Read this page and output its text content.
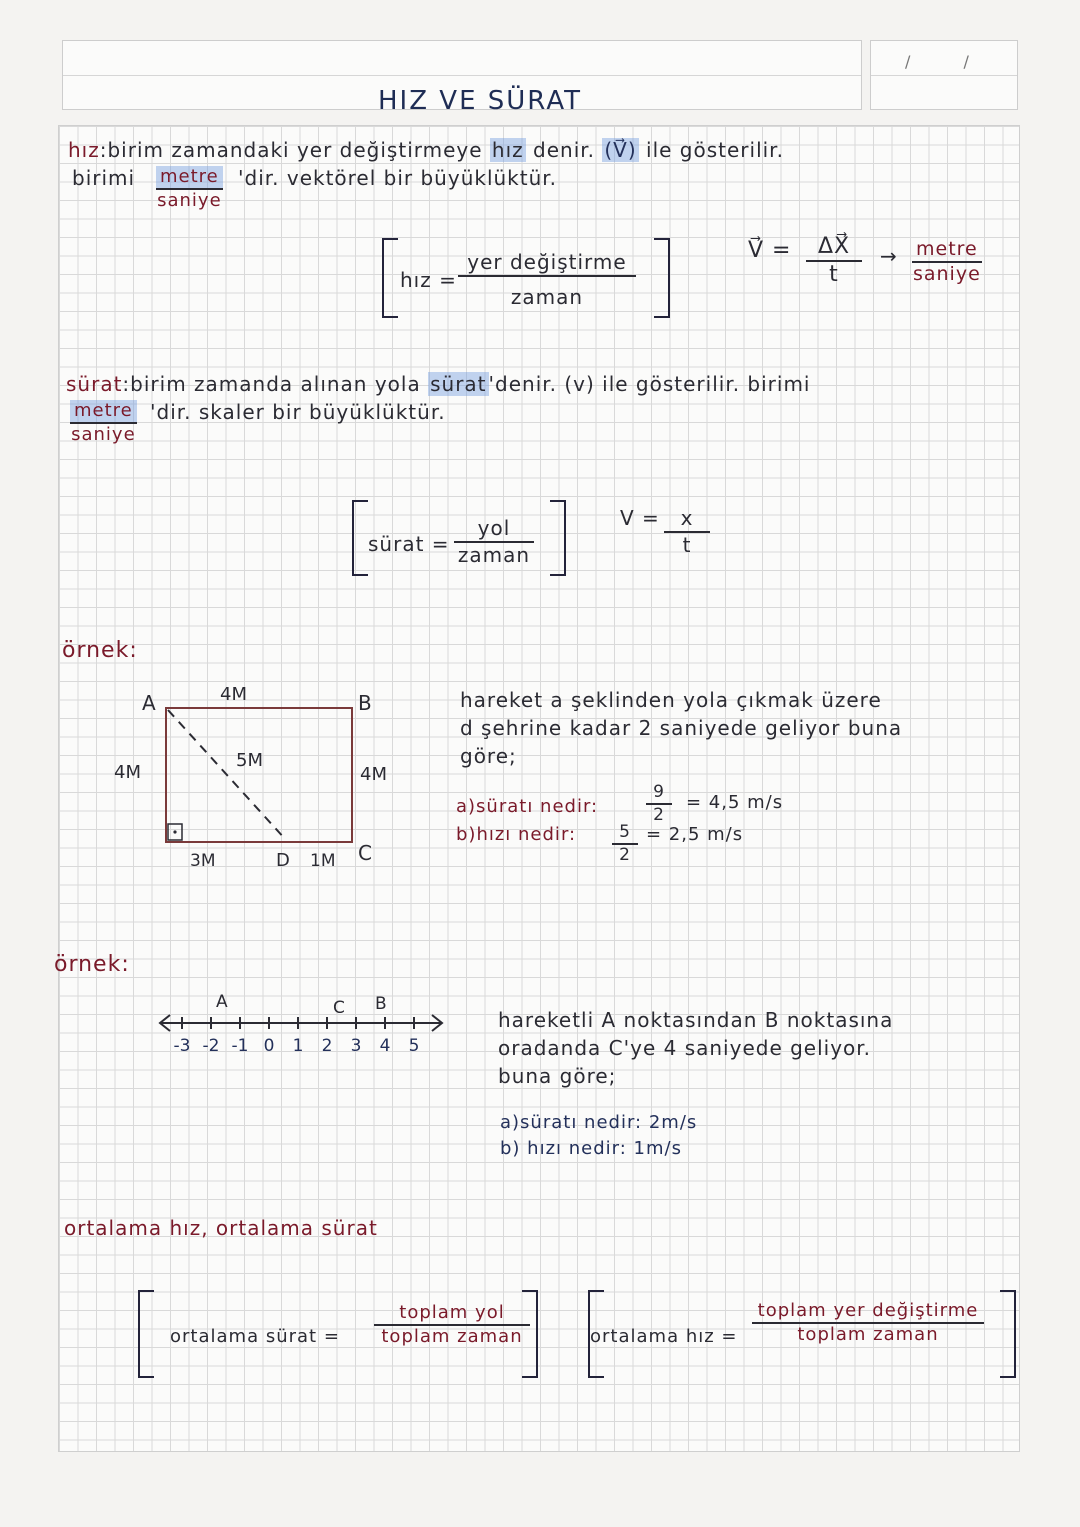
/ /
HIZ VE SÜRAT
hız:birim zamandaki yer değiştirmeye hız denir. (V⃗) ile gösterilir.
birimi metre
saniye
'dir. vektörel bir büyüklüktür.
hız =
yer değiştirme
zaman
V⃗ = $\frac{\Delta X⃗}{t}$ → metre
saniye
sürat:birim zamanda alınan yola sürat 'denir. (v) ile gösterilir. birimi
metre
saniye
'dir. skaler bir büyüklüktür.
sürat =
yol
zaman
$V = \frac{x}{t}$
örnek:
A	B
C
D
4M
4M	4M
5M
3M	1M
hareket a şeklinden yola çıkmak üzere
d şehrine kadar 2 saniyede geliyor buna
göre;
a)süratı nedir:	$\frac{9}{2} = 4,5$ m/s
b)hızı nedir: $\frac{5}{2} = 2,5$ m/s
örnek:
-3 -2 -1 0 1 2 3 4 5
A	C B
hareketli A noktasından B noktasına
oradanda C'ye 4 saniyede geliyor.
buna göre;
a)süratı nedir: 2m/s
b) hızı nedir: 1m/s
ortalama hız, ortalama sürat
ortalama sürat =
toplam yol
toplam zaman	ortalama hız =
toplam yer değiştirme
toplam zaman
